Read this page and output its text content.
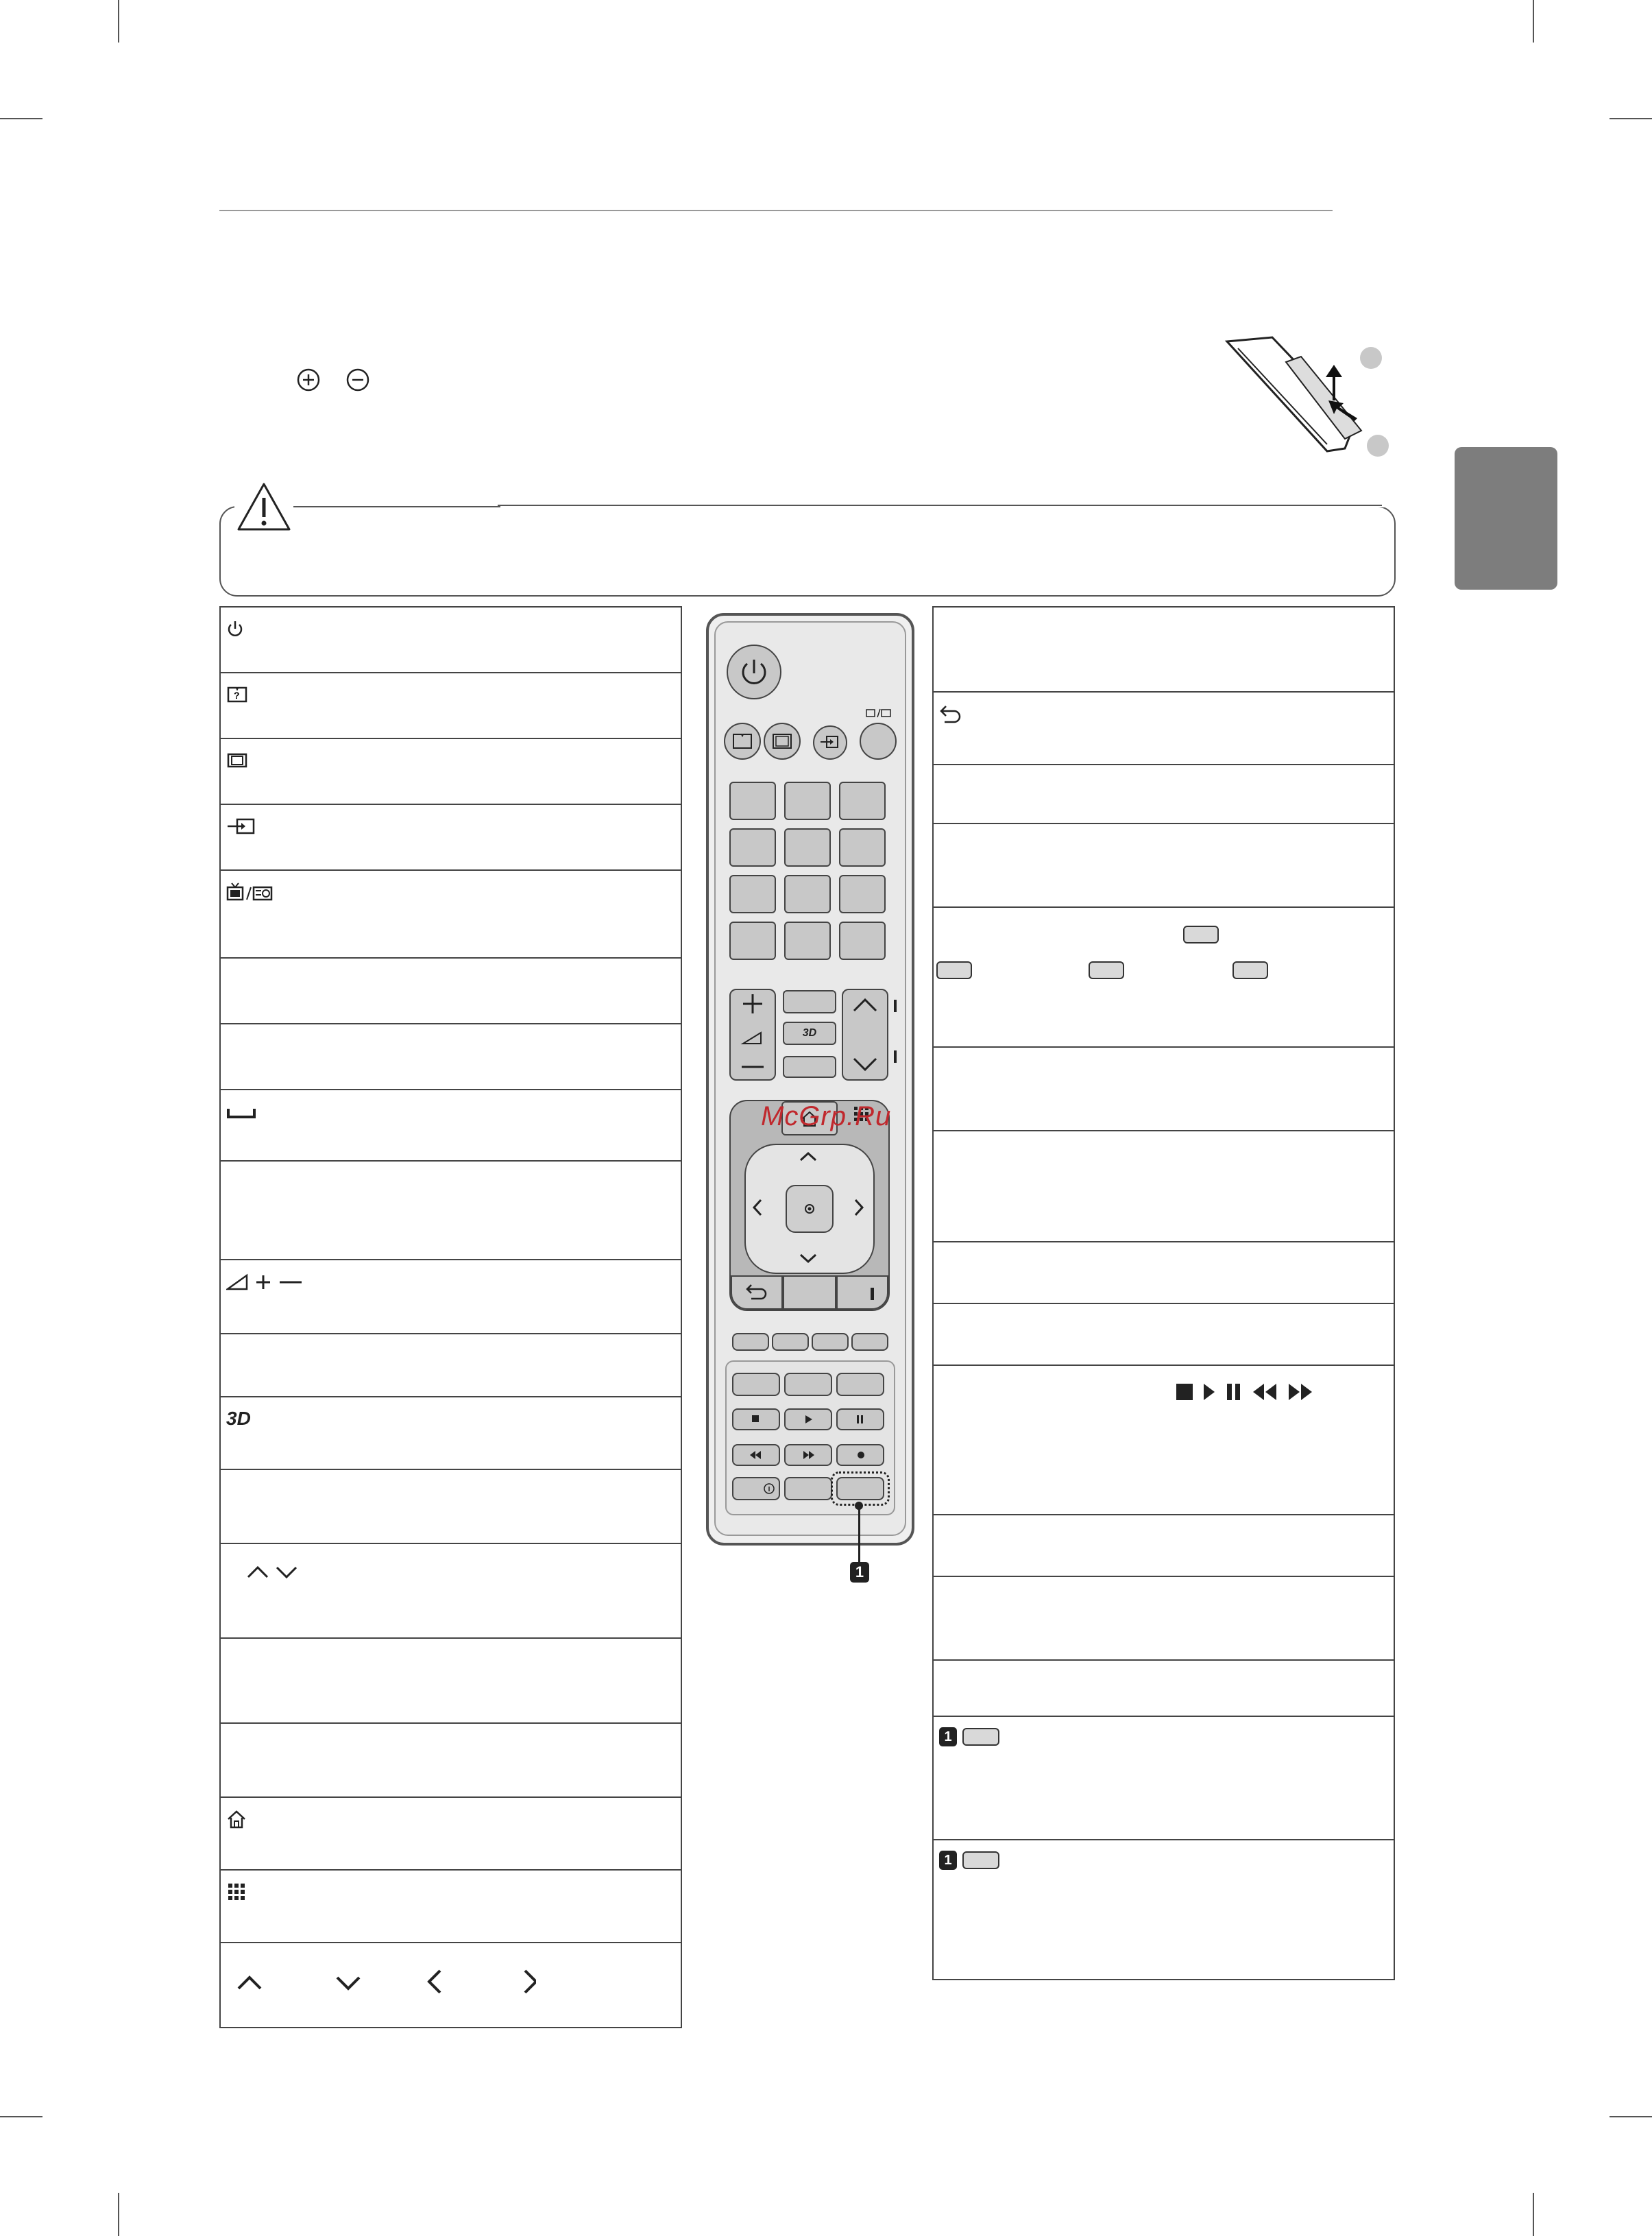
?
3D
1
1
3D
1
McGrp.Ru
